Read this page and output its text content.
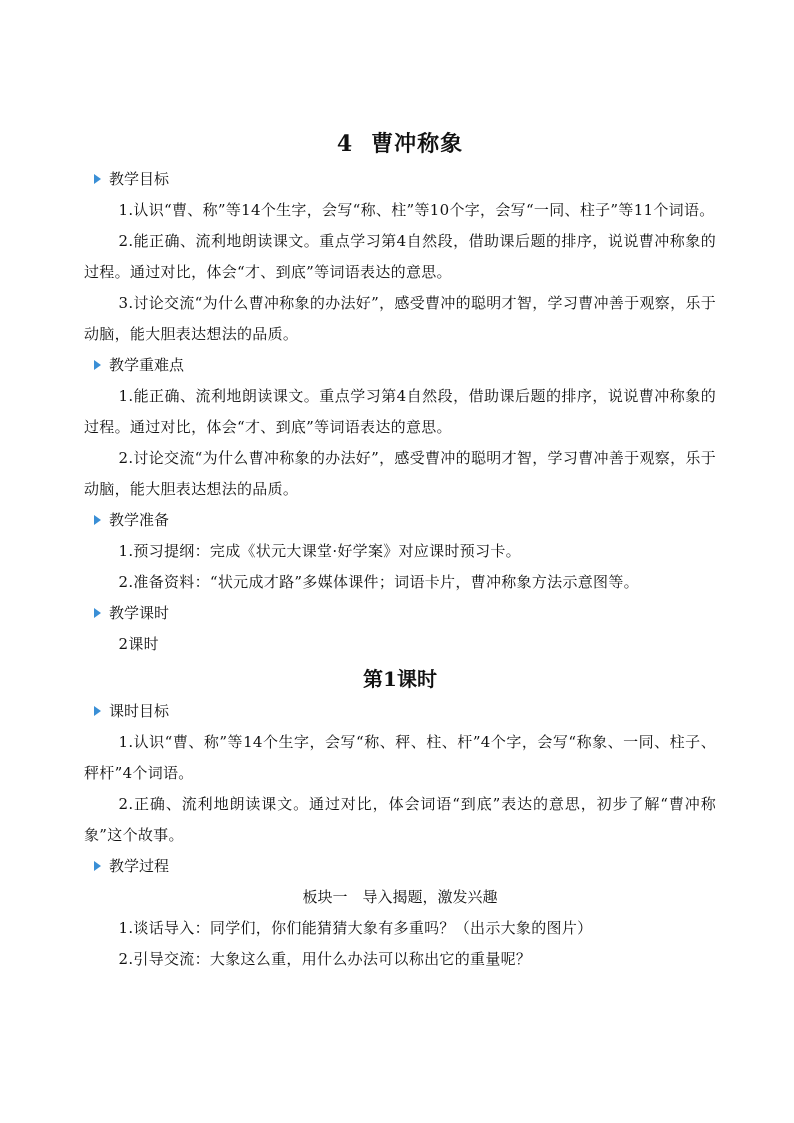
4 曹冲称象

教学目标

1.认识“曹、称”等14个生字，会写“称、柱”等10个字，会写“一同、柱子”等11个词语。

2.能正确、流利地朗读课文。重点学习第4自然段，借助课后题的排序，说说曹冲称象的过程。通过对比，体会“才、到底”等词语表达的意思。

3.讨论交流“为什么曹冲称象的办法好”，感受曹冲的聪明才智，学习曹冲善于观察，乐于动脑，能大胆表达想法的品质。

教学重难点

1.能正确、流利地朗读课文。重点学习第4自然段，借助课后题的排序，说说曹冲称象的过程。通过对比，体会“才、到底”等词语表达的意思。

2.讨论交流“为什么曹冲称象的办法好”，感受曹冲的聪明才智，学习曹冲善于观察，乐于动脑，能大胆表达想法的品质。

教学准备

1.预习提纲：完成《状元大课堂·好学案》对应课时预习卡。

2.准备资料：“状元成才路”多媒体课件；词语卡片，曹冲称象方法示意图等。

教学课时

2课时

第1课时

课时目标

1.认识“曹、称”等14个生字，会写“称、秤、柱、杆”4个字，会写“称象、一同、柱子、秤杆”4个词语。

2.正确、流利地朗读课文。通过对比，体会词语“到底”表达的意思，初步了解“曹冲称象”这个故事。

教学过程

板块一　导入揭题，激发兴趣

1.谈话导入：同学们，你们能猜猜大象有多重吗？（出示大象的图片）

2.引导交流：大象这么重，用什么办法可以称出它的重量呢？
